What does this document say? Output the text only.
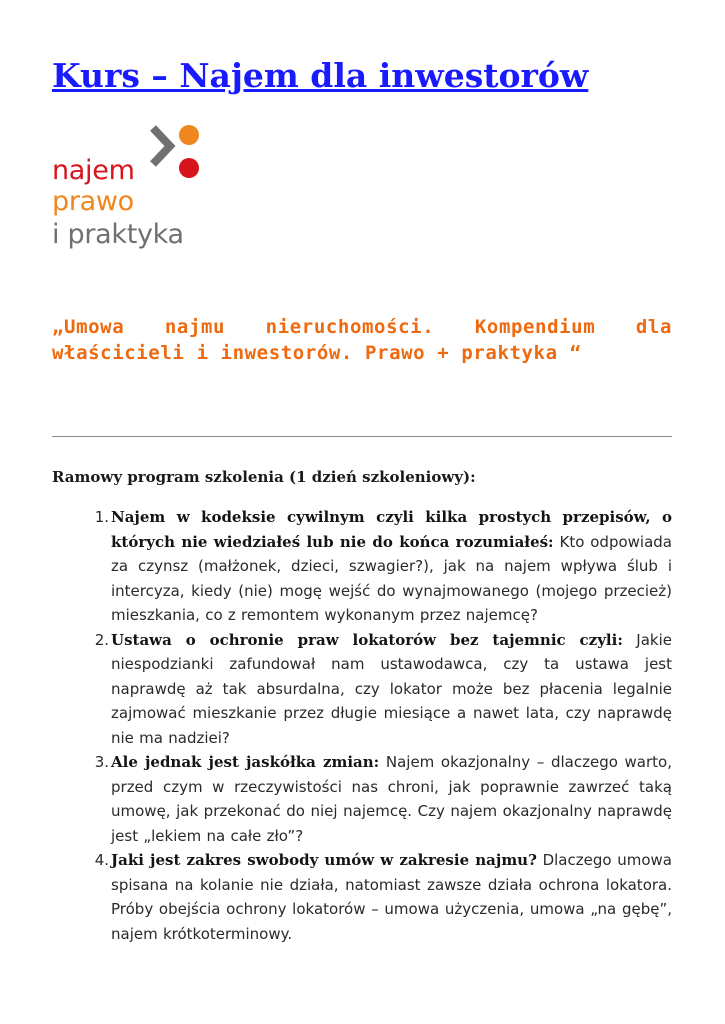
Kurs – Najem dla inwestorów
najem
prawo
i praktyka
„Umowa najmu nieruchomości. Kompendium dla właścicieli i inwestorów. Prawo + praktyka “
Ramowy program szkolenia (1 dzień szkoleniowy):
1. Najem w kodeksie cywilnym czyli kilka prostych przepisów, o których nie wiedziałeś lub nie do końca rozumiałeś: Kto odpowiada za czynsz (małżonek, dzieci, szwagier?), jak na najem wpływa ślub i intercyza, kiedy (nie) mogę wejść do wynajmowanego (mojego przecież) mieszkania, co z remontem wykonanym przez najemcę?
2. Ustawa o ochronie praw lokatorów bez tajemnic czyli: Jakie niespodzianki zafundował nam ustawodawca, czy ta ustawa jest naprawdę aż tak absurdalna, czy lokator może bez płacenia legalnie zajmować mieszkanie przez długie miesiące a nawet lata, czy naprawdę nie ma nadziei?
3. Ale jednak jest jaskółka zmian: Najem okazjonalny – dlaczego warto, przed czym w rzeczywistości nas chroni, jak poprawnie zawrzeć taką umowę, jak przekonać do niej najemcę. Czy najem okazjonalny naprawdę jest „lekiem na całe zło”?
4. Jaki jest zakres swobody umów w zakresie najmu? Dlaczego umowa spisana na kolanie nie działa, natomiast zawsze działa ochrona lokatora. Próby obejścia ochrony lokatorów – umowa użyczenia, umowa „na gębę”, najem krótkoterminowy.
